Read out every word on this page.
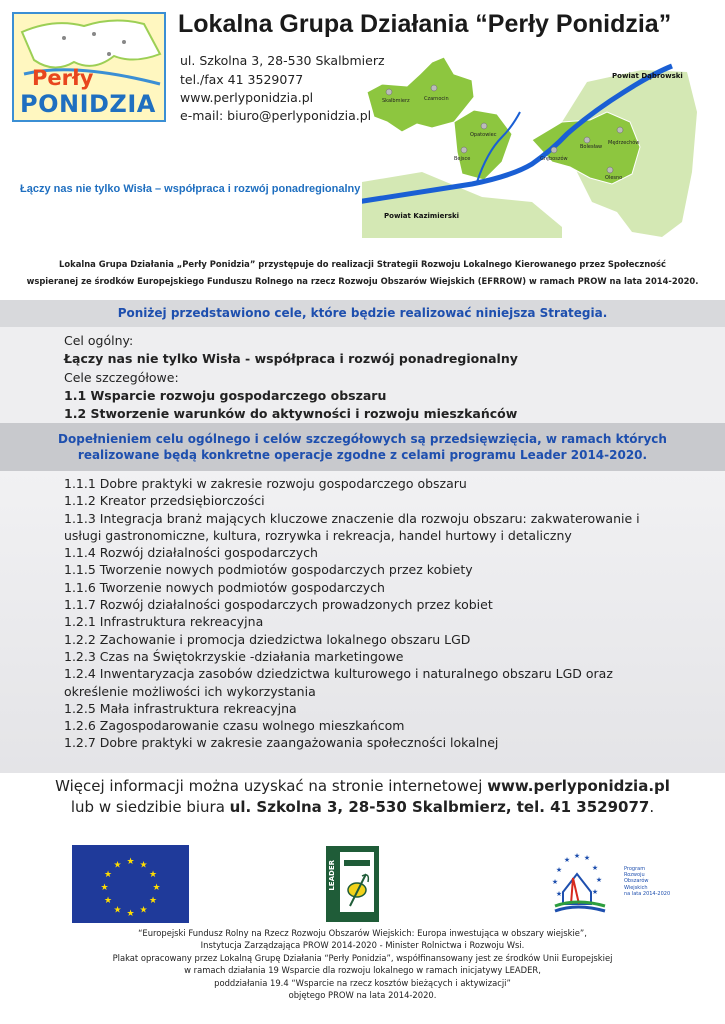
Perły
PONIDZIA
Lokalna Grupa Działania “Perły Ponidzia”
ul. Szkolna 3, 28-530 Skalbmierz
tel./fax 41 3529077
www.perlyponidzia.pl
e-mail: biuro@perlyponidzia.pl
Łączy nas nie tylko Wisła – współpraca i rozwój ponadregionalny
Skalbmierz	Czarnocin
Opatowiec
Bejsce	Gręboszów
Bolesław
Mędrzechów
Olesno
Powiat Dąbrowski
Powiat Kazimierski
Lokalna Grupa Działania „Perły Ponidzia” przystępuje do realizacji Strategii Rozwoju Lokalnego Kierowanego przez Społeczność
wspieranej ze środków Europejskiego Funduszu Rolnego na rzecz Rozwoju Obszarów Wiejskich (EFRROW) w ramach PROW na lata 2014-2020.
Poniżej przedstawiono cele, które będzie realizować niniejsza Strategia.
Cel ogólny:
Łączy nas nie tylko Wisła - współpraca i rozwój ponadregionalny
Cele szczegółowe:
1.1 Wsparcie rozwoju gospodarczego obszaru
1.2 Stworzenie warunków do aktywności i rozwoju mieszkańców
Dopełnieniem celu ogólnego i celów szczegółowych są przedsięwzięcia, w ramach których
realizowane będą konkretne operacje zgodne z celami programu Leader 2014-2020.
1.1.1 Dobre praktyki w zakresie rozwoju gospodarczego obszaru
1.1.2 Kreator przedsiębiorczości
1.1.3 Integracja branż mających kluczowe znaczenie dla rozwoju obszaru: zakwaterowanie i usługi gastronomiczne, kultura, rozrywka i rekreacja, handel hurtowy i detaliczny
1.1.4 Rozwój działalności gospodarczych
1.1.5 Tworzenie nowych podmiotów gospodarczych przez kobiety
1.1.6 Tworzenie nowych podmiotów gospodarczych
1.1.7 Rozwój działalności gospodarczych prowadzonych przez kobiet
1.2.1 Infrastruktura rekreacyjna
1.2.2 Zachowanie i promocja dziedzictwa lokalnego obszaru LGD
1.2.3 Czas na Świętokrzyskie -działania marketingowe
1.2.4 Inwentaryzacja zasobów dziedzictwa kulturowego i naturalnego obszaru LGD oraz określenie możliwości ich wykorzystania
1.2.5 Mała infrastruktura rekreacyjna
1.2.6 Zagospodarowanie czasu wolnego mieszkańcom
1.2.7 Dobre praktyki w zakresie zaangażowania społeczności lokalnej
Więcej informacji można uzyskać na stronie internetowej www.perlyponidzia.pl
lub w siedzibie biura ul. Szkolna 3, 28-530 Skalbmierz, tel. 41 3529077.
★ ★
★
★
★
★
★
★
★
★
★
★	LEADER	★ ★ ★
★	★
★	★
★	★
Program
Rozwoju
Obszarów
Wiejskich
na lata 2014-2020
“Europejski Fundusz Rolny na Rzecz Rozwoju Obszarów Wiejskich: Europa inwestująca w obszary wiejskie”,
Instytucja Zarządzająca PROW 2014-2020 - Minister Rolnictwa i Rozwoju Wsi.
Plakat opracowany przez Lokalną Grupę Działania “Perły Ponidzia”, współfinansowany jest ze środków Unii Europejskiej
w ramach działania 19 Wsparcie dla rozwoju lokalnego w ramach inicjatywy LEADER,
poddziałania 19.4 “Wsparcie na rzecz kosztów bieżących i aktywizacji”
objętego PROW na lata 2014-2020.
